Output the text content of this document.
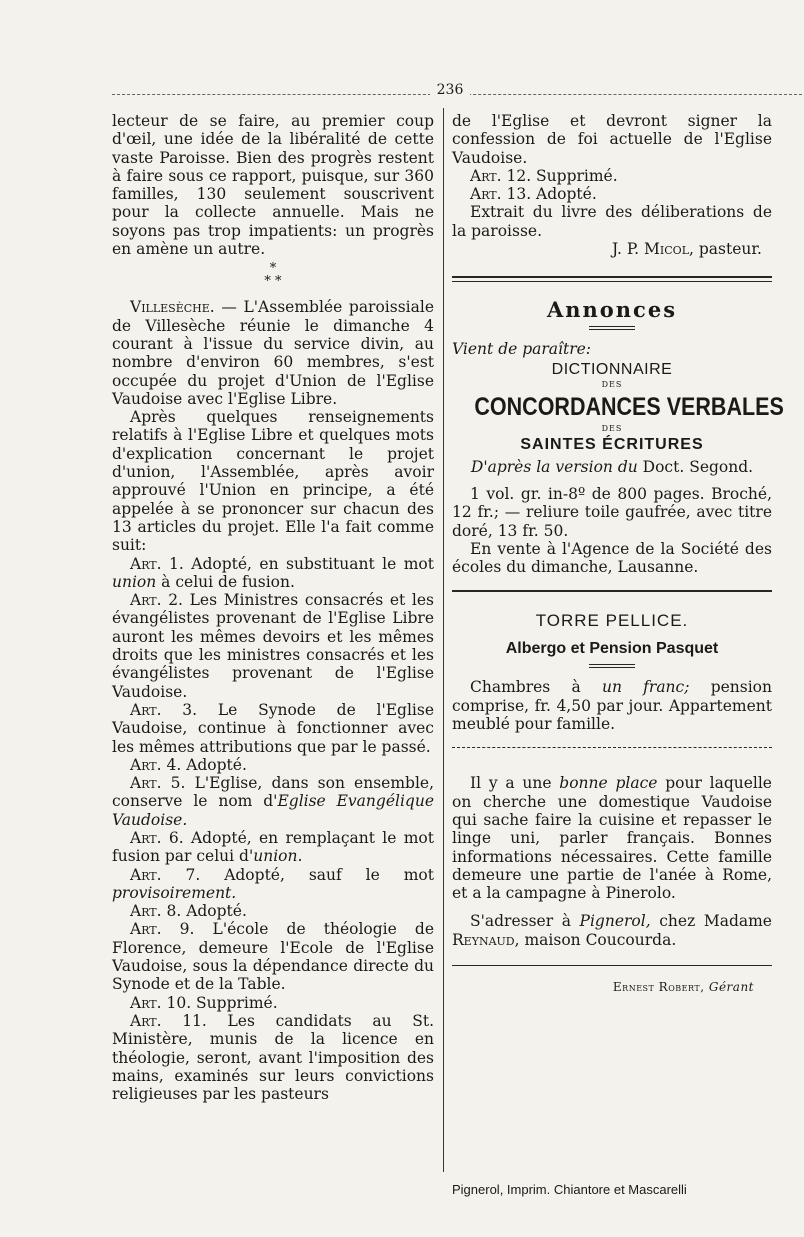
236

lecteur de se faire, au premier coup d'œil, une idée de la libéralité de cette vaste Paroisse. Bien des progrès restent à faire sous ce rapport, puisque, sur 360 familles, 130 seulement souscrivent pour la collecte annuelle. Mais ne soyons pas trop impatients: un progrès en amène un autre.

*
* *

Villesèche. — L'Assemblée paroissiale de Villesèche réunie le dimanche 4 courant à l'issue du service divin, au nombre d'environ 60 membres, s'est occupée du projet d'Union de l'Eglise Vaudoise avec l'Eglise Libre.

Après quelques renseignements relatifs à l'Eglise Libre et quelques mots d'explication concernant le projet d'union, l'Assemblée, après avoir approuvé l'Union en principe, a été appelée à se prononcer sur chacun des 13 articles du projet. Elle l'a fait comme suit:

Art. 1. Adopté, en substituant le mot union à celui de fusion.

Art. 2. Les Ministres consacrés et les évangélistes provenant de l'Eglise Libre auront les mêmes devoirs et les mêmes droits que les ministres consacrés et les évangélistes provenant de l'Eglise Vaudoise.

Art. 3. Le Synode de l'Eglise Vaudoise, continue à fonctionner avec les mêmes attributions que par le passé.

Art. 4. Adopté.

Art. 5. L'Eglise, dans son ensemble, conserve le nom d'Eglise Evangélique Vaudoise.

Art. 6. Adopté, en remplaçant le mot fusion par celui d'union.

Art. 7. Adopté, sauf le mot provisoirement.

Art. 8. Adopté.

Art. 9. L'école de théologie de Florence, demeure l'Ecole de l'Eglise Vaudoise, sous la dépendance directe du Synode et de la Table.

Art. 10. Supprimé.

Art. 11. Les candidats au St. Ministère, munis de la licence en théologie, seront, avant l'imposition des mains, examinés sur leurs convictions religieuses par les pasteurs

de l'Eglise et devront signer la confession de foi actuelle de l'Eglise Vaudoise.

Art. 12. Supprimé.

Art. 13. Adopté.

Extrait du livre des déliberations de la paroisse.

J. P. Micol, pasteur.

Annonces

Vient de paraître:

DICTIONNAIRE

DES

CONCORDANCES VERBALES

DES

SAINTES ÉCRITURES

D'après la version du Doct. Segond.

1 vol. gr. in-8º de 800 pages. Broché, 12 fr.; — reliure toile gaufrée, avec titre doré, 13 fr. 50.

En vente à l'Agence de la Société des écoles du dimanche, Lausanne.

TORRE PELLICE.

Albergo et Pension Pasquet

Chambres à un franc; pension comprise, fr. 4,50 par jour. Appartement meublé pour famille.

Il y a une bonne place pour laquelle on cherche une domestique Vaudoise qui sache faire la cuisine et repasser le linge uni, parler français. Bonnes informations nécessaires. Cette famille demeure une partie de l'anée à Rome, et a la campagne à Pinerolo.

S'adresser à Pignerol, chez Madame Reynaud, maison Coucourda.

Ernest Robert, Gérant

Pignerol, Imprim. Chiantore et Mascarelli
